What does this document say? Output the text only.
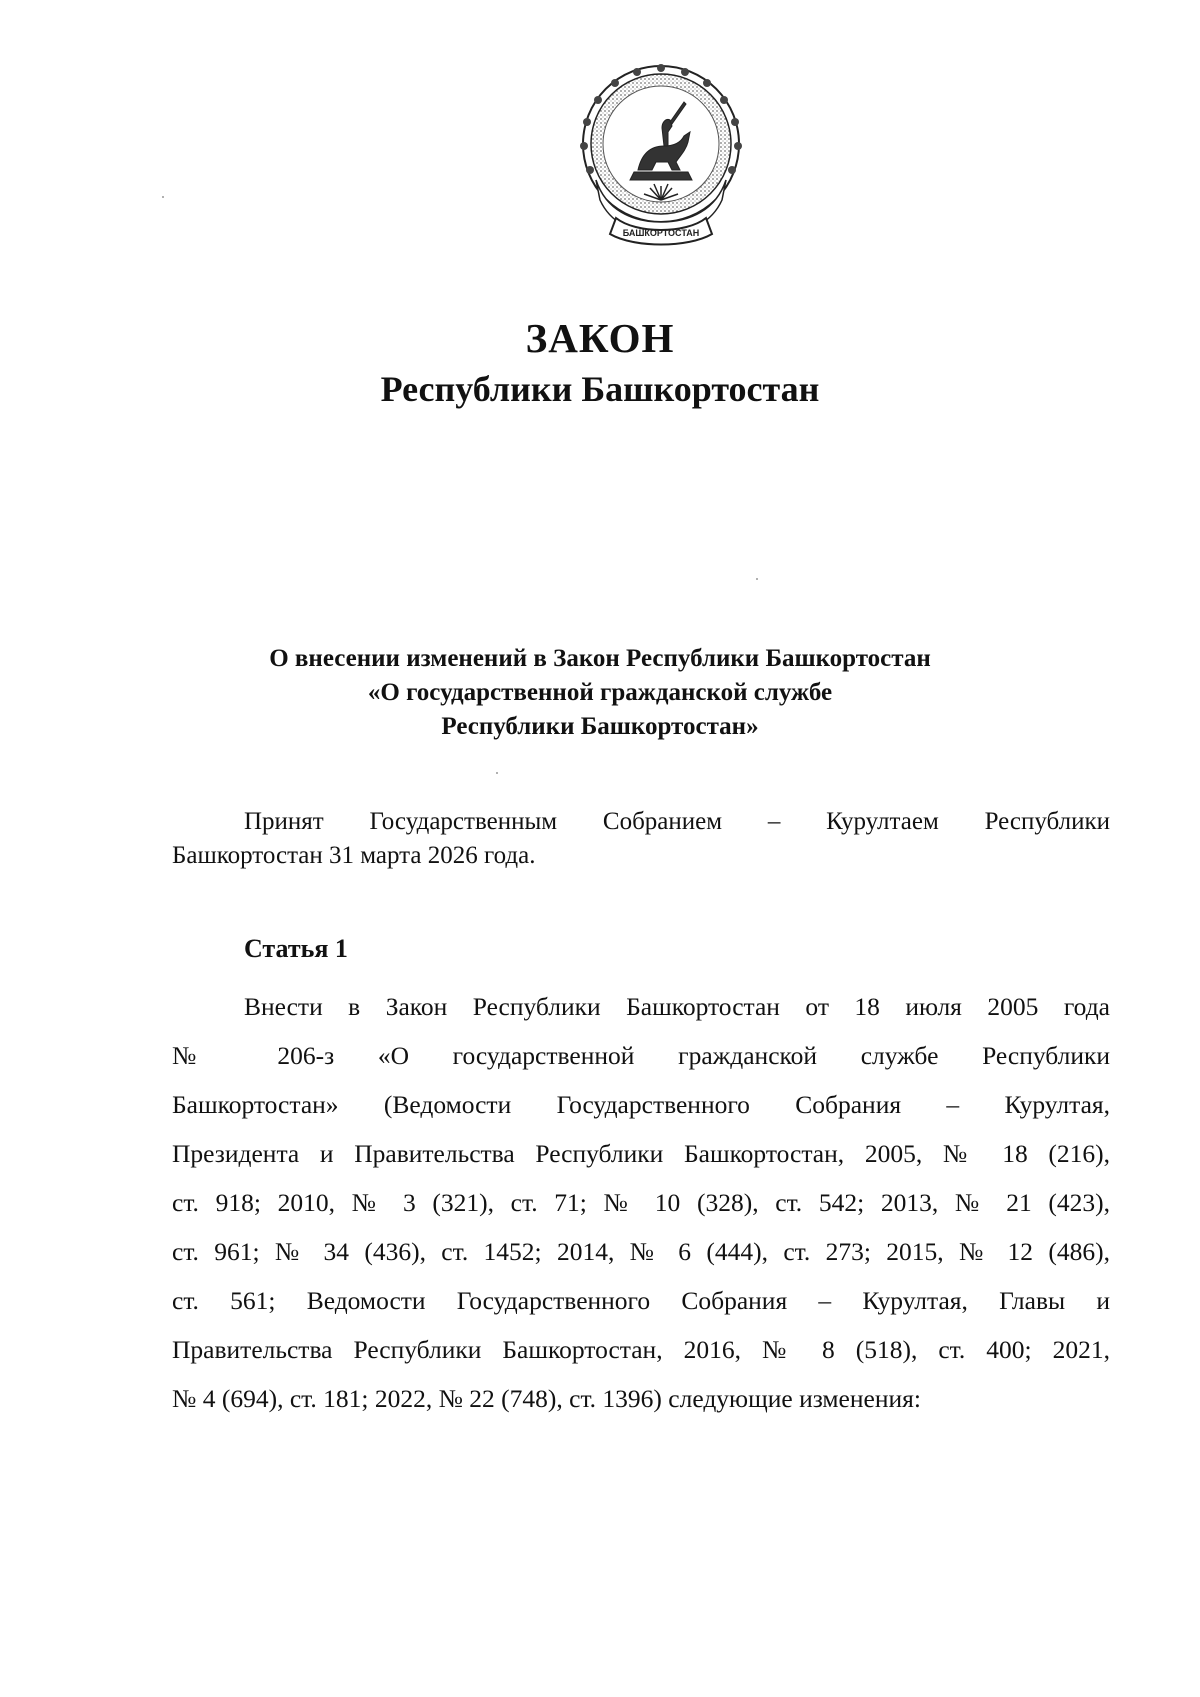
БАШКОРТОСТАН
ЗАКОН
Республики Башкортостан
О внесении изменений в Закон Республики Башкортостан
«О государственной гражданской службе
Республики Башкортостан»
Принят Государственным Собранием – Курултаем Республики
Башкортостан 31 марта 2026 года.
Статья 1
Внести в Закон Республики Башкортостан от 18 июля 2005 года
№ 206-з «О государственной гражданской службе Республики
Башкортостан» (Ведомости Государственного Собрания – Курултая,
Президента и Правительства Республики Башкортостан, 2005, № 18 (216),
ст. 918; 2010, № 3 (321), ст. 71; № 10 (328), ст. 542; 2013, № 21 (423),
ст. 961; № 34 (436), ст. 1452; 2014, № 6 (444), ст. 273; 2015, № 12 (486),
ст. 561; Ведомости Государственного Собрания – Курултая, Главы и
Правительства Республики Башкортостан, 2016, № 8 (518), ст. 400; 2021,
№ 4 (694), ст. 181; 2022, № 22 (748), ст. 1396) следующие изменения:
